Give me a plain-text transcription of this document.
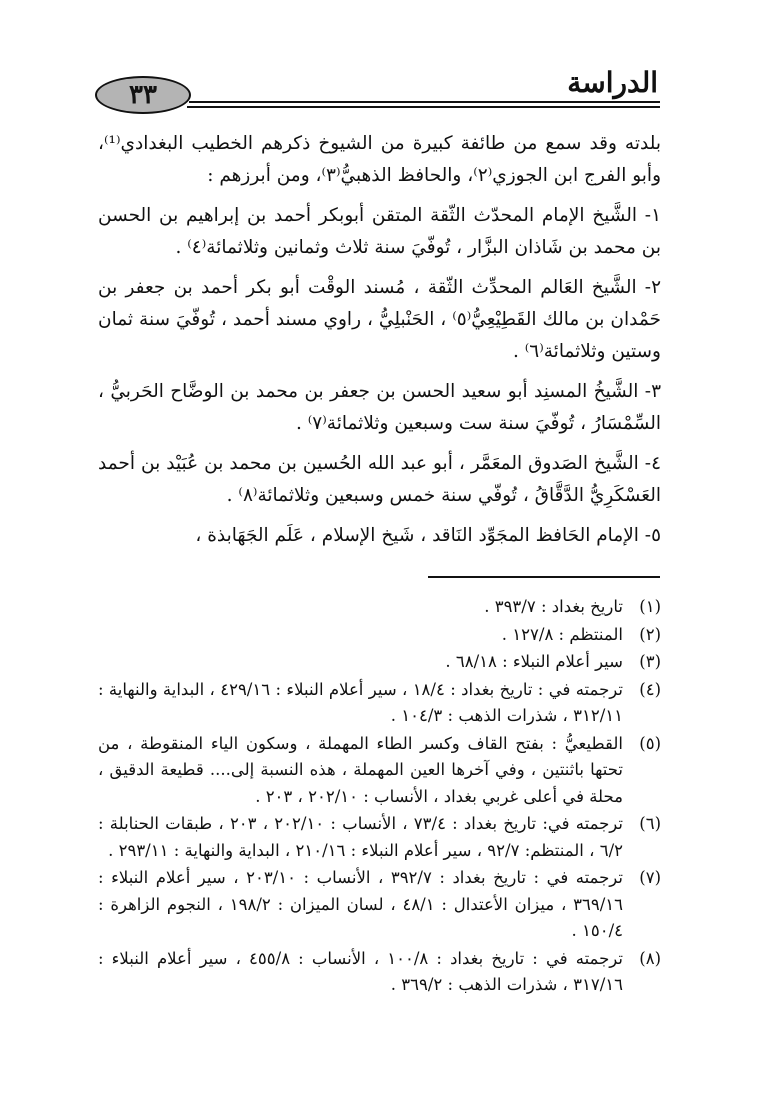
٣٣	الدراسة

بلدته وقد سمع من طائفة كبيرة من الشيوخ ذكرهم الخطيب البغدادي⁽¹⁾، وأبو الفرج ابن الجوزي⁽٢⁾، والحافظ الذهبيُّ⁽٣⁾، ومن أبرزهم :

١- الشَّيخ الإمام المحدّث الثّقة المتقن أبوبكر أحمد بن إبراهيم بن الحسن بن محمد بن شَاذان البزَّار ، تُوفّيَ سنة ثلاث وثمانين وثلاثمائة⁽٤⁾ .

٢- الشَّيخ العَالم المحدِّث الثّقة ، مُسند الوقْت أبو بكر أحمد بن جعفر بن حَمْدان بن مالك القَطِيْعِيُّ⁽٥⁾ ، الحَنْبلِيُّ ، راوي مسند أحمد ، تُوفّيَ سنة ثمان وستين وثلاثمائة⁽٦⁾ .

٣- الشَّيخُ المسنِد أبو سعيد الحسن بن جعفر بن محمد بن الوضَّاح الحَربيُّ ، السِّمْسَارُ ، تُوفّيَ سنة ست وسبعين وثلاثمائة⁽٧⁾ .

٤- الشَّيخ الصَدوق المعَمَّر ، أبو عبد الله الحُسين بن محمد بن عُبَيْد بن أحمد العَسْكَرِيُّ الدَّقَّاقُ ، تُوفّي سنة خمس وسبعين وثلاثمائة⁽٨⁾ .

٥- الإمام الحَافظ المجَوِّد النَاقد ، شَيخ الإسلام ، عَلَم الجَهَابذة ،

(١)
تاريخ بغداد : ٣٩٣/٧ .
(٢)
المنتظم : ١٢٧/٨ .
(٣)
سير أعلام النبلاء : ٦٨/١٨ .
(٤)
ترجمته في : تاريخ بغداد : ١٨/٤ ، سير أعلام النبلاء : ٤٢٩/١٦ ، البداية والنهاية : ٣١٢/١١ ، شذرات الذهب : ١٠٤/٣ .
(٥)
القطيعيُّ : بفتح القاف وكسر الطاء المهملة ، وسكون الياء المنقوطة ، من تحتها باثنتين ، وفي آخرها العين المهملة ، هذه النسبة إلى.... قطيعة الدقيق ، محلة في أعلى غربي بغداد ، الأنساب : ٢٠٢/١٠ ، ٢٠٣ .
(٦)
ترجمته في: تاريخ بغداد : ٧٣/٤ ، الأنساب : ٢٠٢/١٠ ، ٢٠٣ ، طبقات الحنابلة : ٦/٢ ، المنتظم: ٩٢/٧ ، سير أعلام النبلاء : ٢١٠/١٦ ، البداية والنهاية : ٢٩٣/١١ .
(٧)
ترجمته في : تاريخ بغداد : ٣٩٢/٧ ، الأنساب : ٢٠٣/١٠ ، سير أعلام النبلاء : ٣٦٩/١٦ ، ميزان الأعتدال : ٤٨/١ ، لسان الميزان : ١٩٨/٢ ، النجوم الزاهرة : ١٥٠/٤ .
(٨)
ترجمته في : تاريخ بغداد : ١٠٠/٨ ، الأنساب : ٤٥٥/٨ ، سير أعلام النبلاء : ٣١٧/١٦ ، شذرات الذهب : ٣٦٩/٢ .
